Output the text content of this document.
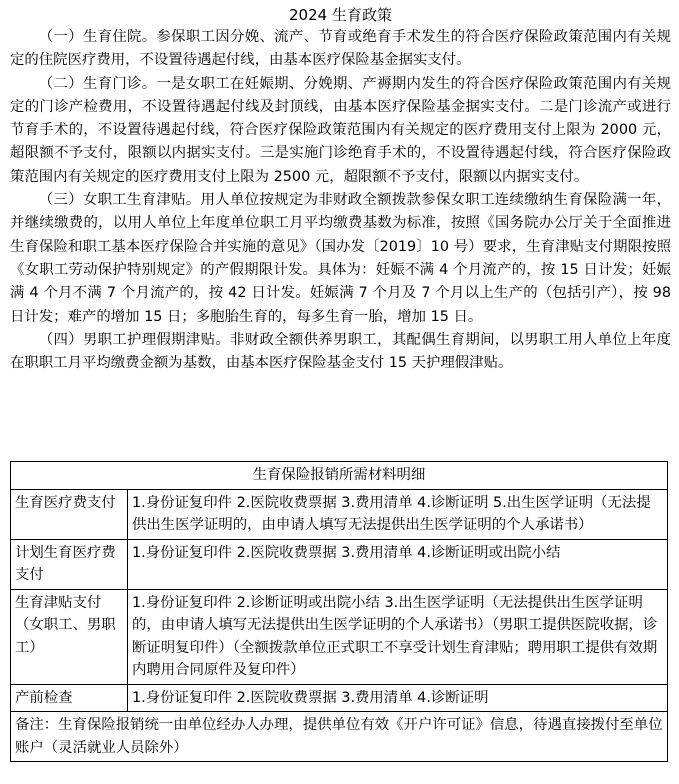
2024 生育政策

（一）生育住院。参保职工因分娩、流产、节育或绝育手术发生的符合医疗保险政策范围内有关规定的住院医疗费用，不设置待遇起付线，由基本医疗保险基金据实支付。

（二）生育门诊。一是女职工在妊娠期、分娩期、产褥期内发生的符合医疗保险政策范围内有关规定的门诊产检费用，不设置待遇起付线及封顶线，由基本医疗保险基金据实支付。二是门诊流产或进行节育手术的，不设置待遇起付线，符合医疗保险政策范围内有关规定的医疗费用支付上限为 2000 元，超限额不予支付，限额以内据实支付。三是实施门诊绝育手术的，不设置待遇起付线，符合医疗保险政策范围内有关规定的医疗费用支付上限为 2500 元，超限额不予支付，限额以内据实支付。

（三）女职工生育津贴。用人单位按规定为非财政全额拨款参保女职工连续缴纳生育保险满一年，并继续缴费的，以用人单位上年度单位职工月平均缴费基数为标准，按照《国务院办公厅关于全面推进生育保险和职工基本医疗保险合并实施的意见》（国办发〔2019〕10 号）要求，生育津贴支付期限按照《女职工劳动保护特别规定》的产假期限计发。具体为：妊娠不满 4 个月流产的，按 15 日计发；妊娠满 4 个月不满 7 个月流产的，按 42 日计发。妊娠满 7 个月及 7 个月以上生产的（包括引产），按 98 日计发；难产的增加 15 日；多胞胎生育的，每多生育一胎，增加 15 日。

（四）男职工护理假期津贴。非财政全额供养男职工，其配偶生育期间，以男职工用人单位上年度在职职工月平均缴费金额为基数，由基本医疗保险基金支付 15 天护理假津贴。

生育保险报销所需材料明细	
生育医疗费支付	1.身份证复印件 2.医院收费票据 3.费用清单 4.诊断证明 5.出生医学证明（无法提供出生医学证明的，由申请人填写无法提供出生医学证明的个人承诺书）
计划生育医疗费支付	1.身份证复印件 2.医院收费票据 3.费用清单 4.诊断证明或出院小结
生育津贴支付（女职工、男职工）	1.身份证复印件 2.诊断证明或出院小结 3.出生医学证明（无法提供出生医学证明的，由申请人填写无法提供出生医学证明的个人承诺书）（男职工提供医院收据，诊断证明复印件）（全额拨款单位正式职工不享受计划生育津贴；聘用职工提供有效期内聘用合同原件及复印件）
产前检查	1.身份证复印件 2.医院收费票据 3.费用清单 4.诊断证明
备注：生育保险报销统一由单位经办人办理，提供单位有效《开户许可证》信息，待遇直接拨付至单位账户（灵活就业人员除外）	
